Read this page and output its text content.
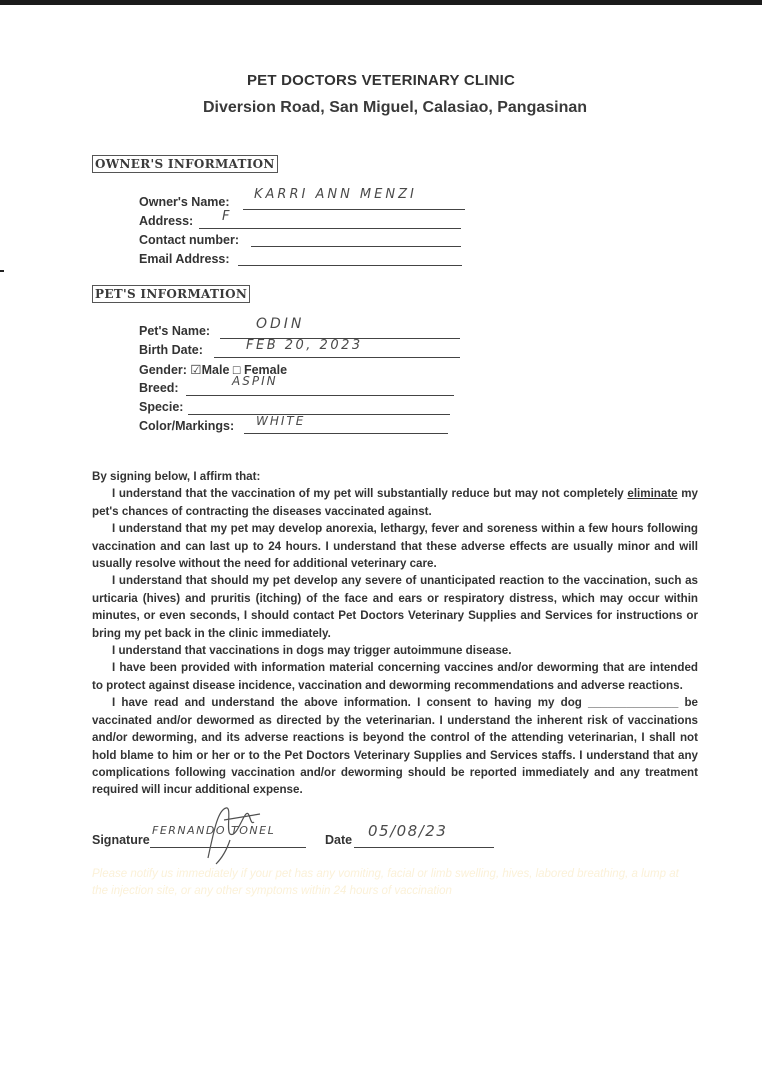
PET DOCTORS VETERINARY CLINIC
Diversion Road, San Miguel, Calasiao, Pangasinan
OWNER'S INFORMATION
Owner's Name: KARRI ANN MENZI
Address: F
Contact number:
Email Address:
PET'S INFORMATION
Pet's Name:	ODIN
Birth Date:	FEB 20, 2023
Gender: ☑Male □ Female
Breed:	ASPIN
Specie:
Color/Markings: WHITE

By signing below, I affirm that:

I understand that the vaccination of my pet will substantially reduce but may not completely eliminate my pet's chances of contracting the diseases vaccinated against.

I understand that my pet may develop anorexia, lethargy, fever and soreness within a few hours following vaccination and can last up to 24 hours. I understand that these adverse effects are usually minor and will usually resolve without the need for additional veterinary care.

I understand that should my pet develop any severe of unanticipated reaction to the vaccination, such as urticaria (hives) and pruritis (itching) of the face and ears or respiratory distress, which may occur within minutes, or even seconds, I should contact Pet Doctors Veterinary Supplies and Services for instructions or bring my pet back in the clinic immediately.

I understand that vaccinations in dogs may trigger autoimmune disease.

I have been provided with information material concerning vaccines and/or deworming that are intended to protect against disease incidence, vaccination and deworming recommendations and adverse reactions.

I have read and understand the above information. I consent to having my dog ______________ be vaccinated and/or dewormed as directed by the veterinarian. I understand the inherent risk of vaccinations and/or deworming, and its adverse reactions is beyond the control of the attending veterinarian, I shall not hold blame to him or her or to the Pet Doctors Veterinary Supplies and Services staffs. I understand that any complications following vaccination and/or deworming should be reported immediately and any treatment required will incur additional expense.

Signature
FERNANDO TONEL
Date 05/08/23
Please notify us immediately if your pet has any vomiting, facial or limb swelling, hives, labored breathing, a lump at the injection site, or any other symptoms within 24 hours of vaccination
